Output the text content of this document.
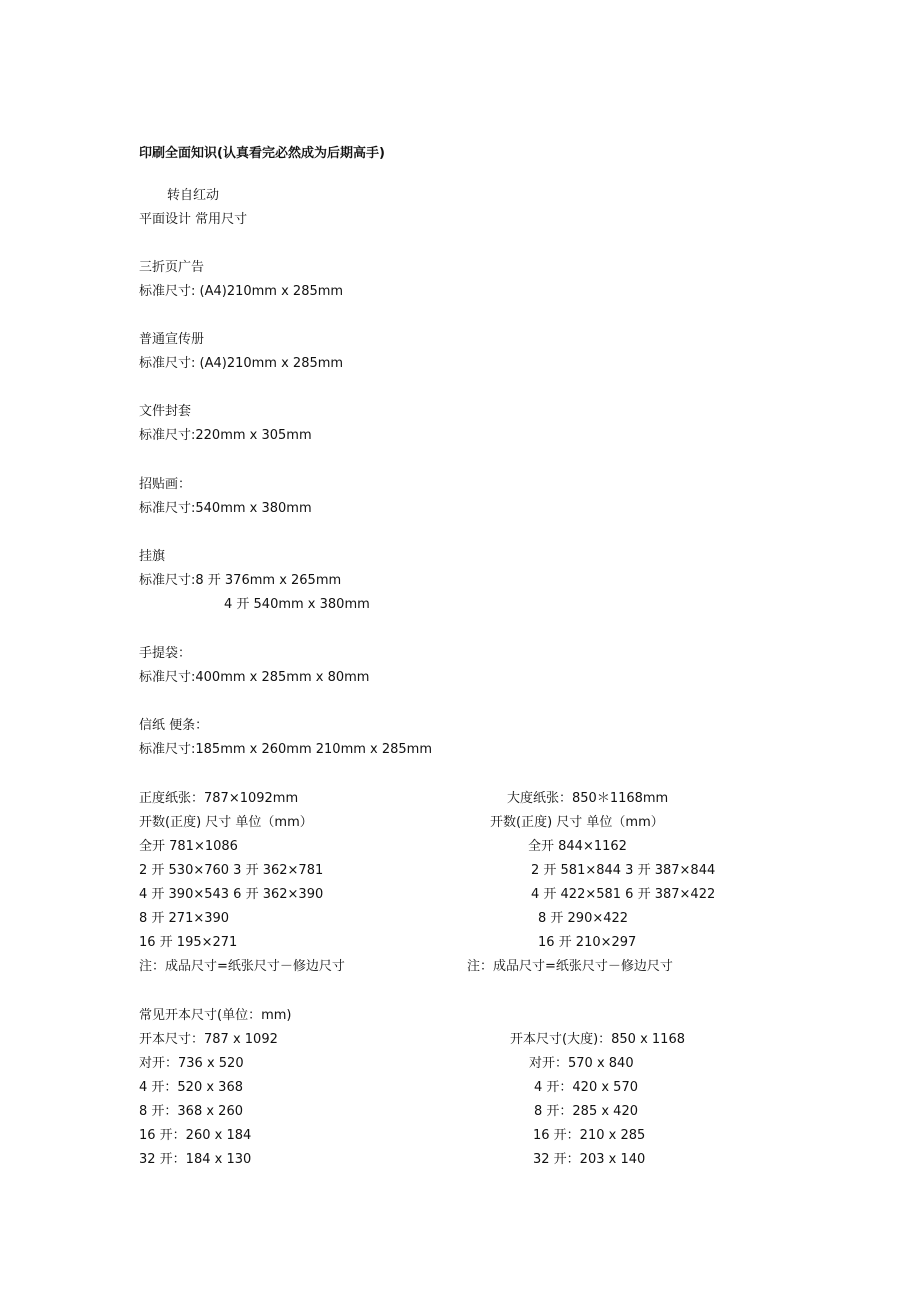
印刷全面知识(认真看完必然成为后期高手)
转自红动
平面设计 常用尺寸
三折页广告
标准尺寸: (A4)210mm x 285mm
普通宣传册
标准尺寸: (A4)210mm x 285mm
文件封套
标准尺寸:220mm x 305mm
招贴画：
标准尺寸:540mm x 380mm
挂旗
标准尺寸:8 开 376mm x 265mm
4 开 540mm x 380mm
手提袋：
标准尺寸:400mm x 285mm x 80mm
信纸 便条：
标准尺寸:185mm x 260mm 210mm x 285mm
正度纸张：787×1092mm
开数(正度) 尺寸 单位（mm）
全开 781×1086
2 开 530×760 3 开 362×781
4 开 390×543 6 开 362×390
8 开 271×390
16 开 195×271
注：成品尺寸=纸张尺寸－修边尺寸
大度纸张：850＊1168mm
开数(正度) 尺寸 单位（mm）
全开 844×1162
2 开 581×844 3 开 387×844
4 开 422×581 6 开 387×422
8 开 290×422
16 开 210×297
注：成品尺寸=纸张尺寸－修边尺寸
常见开本尺寸(单位：mm)
开本尺寸：787 x 1092
对开：736 x 520
4 开：520 x 368
8 开：368 x 260
16 开：260 x 184
32 开：184 x 130
开本尺寸(大度)：850 x 1168
对开：570 x 840
4 开：420 x 570
8 开：285 x 420
16 开：210 x 285
32 开：203 x 140
